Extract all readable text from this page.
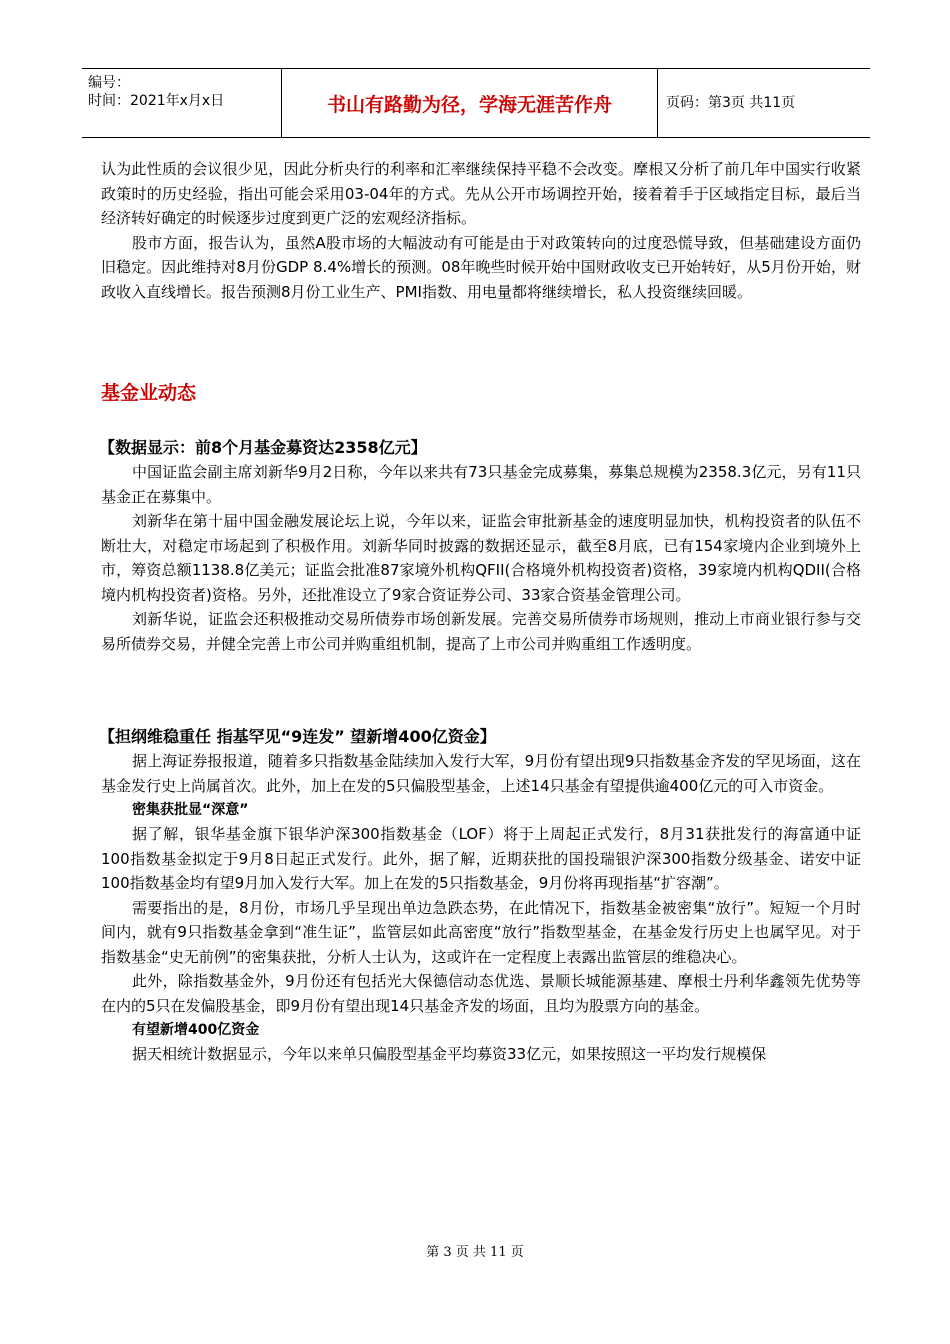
编号：
时间：2021年x月x日	书山有路勤为径，学海无涯苦作舟	页码：第3页 共11页

认为此性质的会议很少见，因此分析央行的利率和汇率继续保持平稳不会改变。摩根又分析了前几年中国实行收紧政策时的历史经验，指出可能会采用03-04年的方式。先从公开市场调控开始，接着着手于区域指定目标，最后当经济转好确定的时候逐步过度到更广泛的宏观经济指标。

股市方面，报告认为，虽然A股市场的大幅波动有可能是由于对政策转向的过度恐慌导致，但基础建设方面仍旧稳定。因此维持对8月份GDP 8.4%增长的预测。08年晚些时候开始中国财政收支已开始转好，从5月份开始，财政收入直线增长。报告预测8月份工业生产、PMI指数、用电量都将继续增长，私人投资继续回暖。

基金业动态
【数据显示：前8个月基金募资达2358亿元】

中国证监会副主席刘新华9月2日称，今年以来共有73只基金完成募集，募集总规模为2358.3亿元，另有11只基金正在募集中。

刘新华在第十届中国金融发展论坛上说，今年以来，证监会审批新基金的速度明显加快，机构投资者的队伍不断壮大，对稳定市场起到了积极作用。刘新华同时披露的数据还显示，截至8月底，已有154家境内企业到境外上市，筹资总额1138.8亿美元；证监会批准87家境外机构QFII(合格境外机构投资者)资格，39家境内机构QDII(合格境内机构投资者)资格。另外，还批准设立了9家合资证券公司、33家合资基金管理公司。

刘新华说，证监会还积极推动交易所债券市场创新发展。完善交易所债券市场规则，推动上市商业银行参与交易所债券交易，并健全完善上市公司并购重组机制，提高了上市公司并购重组工作透明度。

【担纲维稳重任 指基罕见“9连发” 望新增400亿资金】

据上海证券报报道，随着多只指数基金陆续加入发行大军，9月份有望出现9只指数基金齐发的罕见场面，这在基金发行史上尚属首次。此外，加上在发的5只偏股型基金，上述14只基金有望提供逾400亿元的可入市资金。

密集获批显“深意”

据了解，银华基金旗下银华沪深300指数基金（LOF）将于上周起正式发行，8月31获批发行的海富通中证100指数基金拟定于9月8日起正式发行。此外，据了解，近期获批的国投瑞银沪深300指数分级基金、诺安中证100指数基金均有望9月加入发行大军。加上在发的5只指数基金，9月份将再现指基“扩容潮”。

需要指出的是，8月份，市场几乎呈现出单边急跌态势，在此情况下，指数基金被密集“放行”。短短一个月时间内，就有9只指数基金拿到“准生证”，监管层如此高密度“放行”指数型基金，在基金发行历史上也属罕见。对于指数基金“史无前例”的密集获批，分析人士认为，这或许在一定程度上表露出监管层的维稳决心。

此外，除指数基金外，9月份还有包括光大保德信动态优选、景顺长城能源基建、摩根士丹利华鑫领先优势等在内的5只在发偏股基金，即9月份有望出现14只基金齐发的场面，且均为股票方向的基金。

有望新增400亿资金

据天相统计数据显示，今年以来单只偏股型基金平均募资33亿元，如果按照这一平均发行规模保

第 3 页 共 11 页
